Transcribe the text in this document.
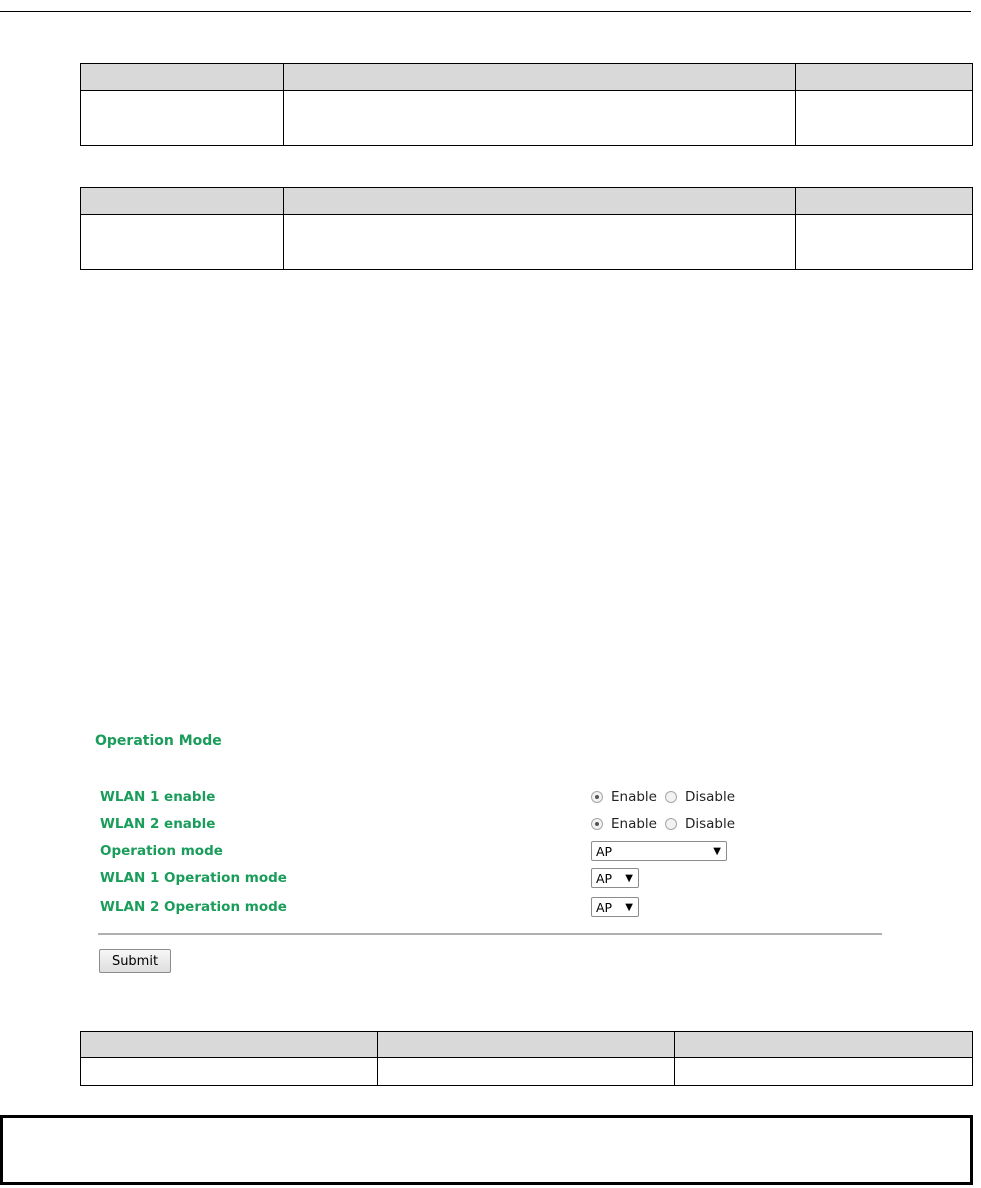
Operation Mode
WLAN 1 enable	Enable Disable
WLAN 2 enable	Enable Disable
Operation mode	AP	▼
WLAN 1 Operation mode	AP ▼
WLAN 2 Operation mode	AP ▼
Submit
